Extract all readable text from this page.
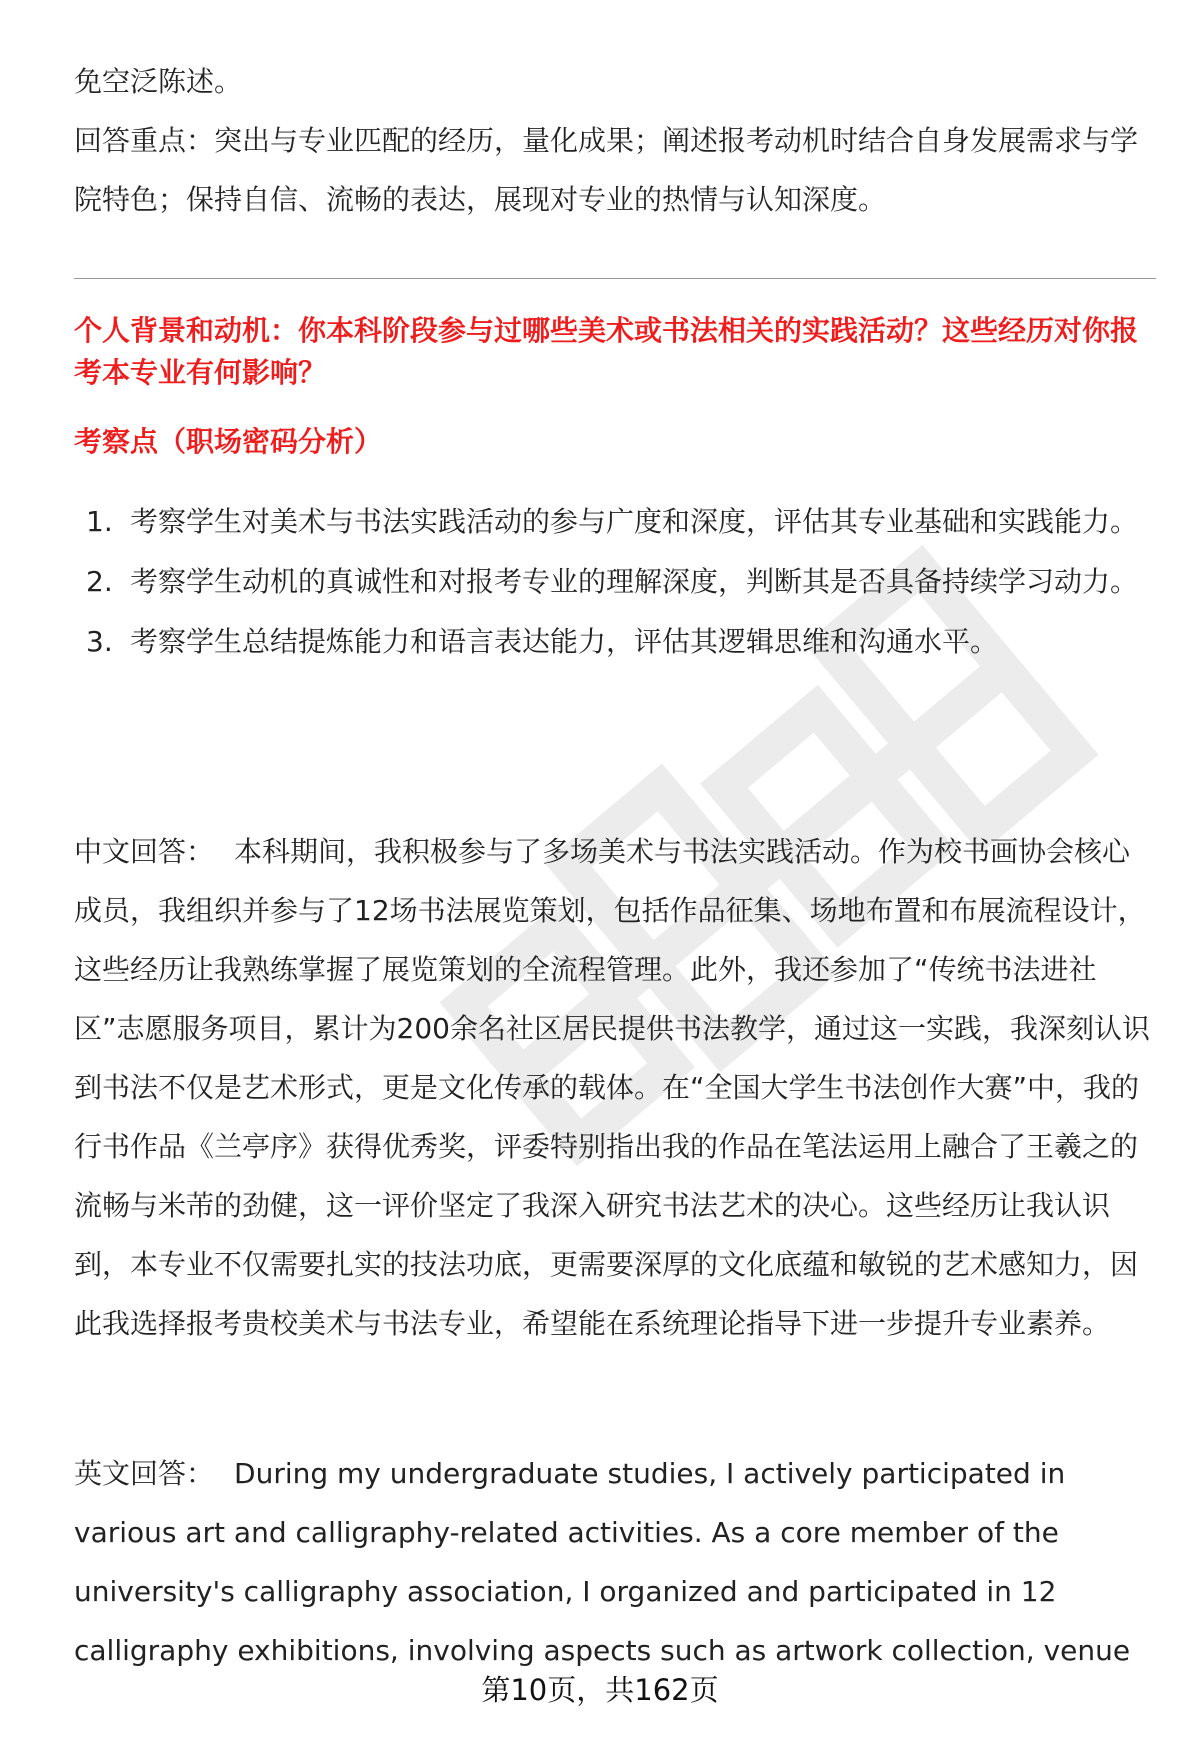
免空泛陈述。

回答重点：突出与专业匹配的经历，量化成果；阐述报考动机时结合自身发展需求与学院特色；保持自信、流畅的表达，展现对专业的热情与认知深度。

个人背景和动机：你本科阶段参与过哪些美术或书法相关的实践活动？这些经历对你报考本专业有何影响？

考察点（职场密码分析）

1. 考察学生对美术与书法实践活动的参与广度和深度，评估其专业基础和实践能力。
2. 考察学生动机的真诚性和对报考专业的理解深度，判断其是否具备持续学习动力。
3. 考察学生总结提炼能力和语言表达能力，评估其逻辑思维和沟通水平。

中文回答： 本科期间，我积极参与了多场美术与书法实践活动。作为校书画协会核心成员，我组织并参与了12场书法展览策划，包括作品征集、场地布置和布展流程设计，这些经历让我熟练掌握了展览策划的全流程管理。此外，我还参加了“传统书法进社区”志愿服务项目，累计为200余名社区居民提供书法教学，通过这一实践，我深刻认识到书法不仅是艺术形式，更是文化传承的载体。在“全国大学生书法创作大赛”中，我的行书作品《兰亭序》获得优秀奖，评委特别指出我的作品在笔法运用上融合了王羲之的流畅与米芾的劲健，这一评价坚定了我深入研究书法艺术的决心。这些经历让我认识到，本专业不仅需要扎实的技法功底，更需要深厚的文化底蕴和敏锐的艺术感知力，因此我选择报考贵校美术与书法专业，希望能在系统理论指导下进一步提升专业素养。

英文回答： During my undergraduate studies, I actively participated in various art and calligraphy-related activities. As a core member of the university's calligraphy association, I organized and participated in 12 calligraphy exhibitions, involving aspects such as artwork collection, venue

第10页，共162页
